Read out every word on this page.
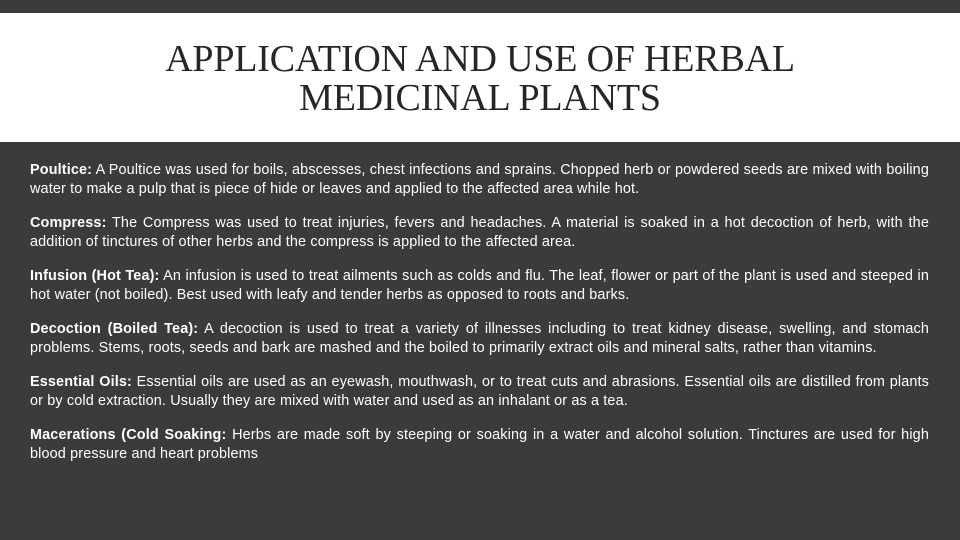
APPLICATION AND USE OF HERBAL MEDICINAL PLANTS

Poultice: A Poultice was used for boils, abscesses, chest infections and sprains. Chopped herb or powdered seeds are mixed with boiling water to make a pulp that is piece of hide or leaves and applied to the affected area while hot.

Compress: The Compress was used to treat injuries, fevers and headaches. A material is soaked in a hot decoction of herb, with the addition of tinctures of other herbs and the compress is applied to the affected area.

Infusion (Hot Tea): An infusion is used to treat ailments such as colds and flu. The leaf, flower or part of the plant is used and steeped in hot water (not boiled). Best used with leafy and tender herbs as opposed to roots and barks.

Decoction (Boiled Tea): A decoction is used to treat a variety of illnesses including to treat kidney disease, swelling, and stomach problems. Stems, roots, seeds and bark are mashed and the boiled to primarily extract oils and mineral salts, rather than vitamins.

Essential Oils: Essential oils are used as an eyewash, mouthwash, or to treat cuts and abrasions. Essential oils are distilled from plants or by cold extraction. Usually they are mixed with water and used as an inhalant or as a tea.

Macerations (Cold Soaking: Herbs are made soft by steeping or soaking in a water and alcohol solution. Tinctures are used for high blood pressure and heart problems
